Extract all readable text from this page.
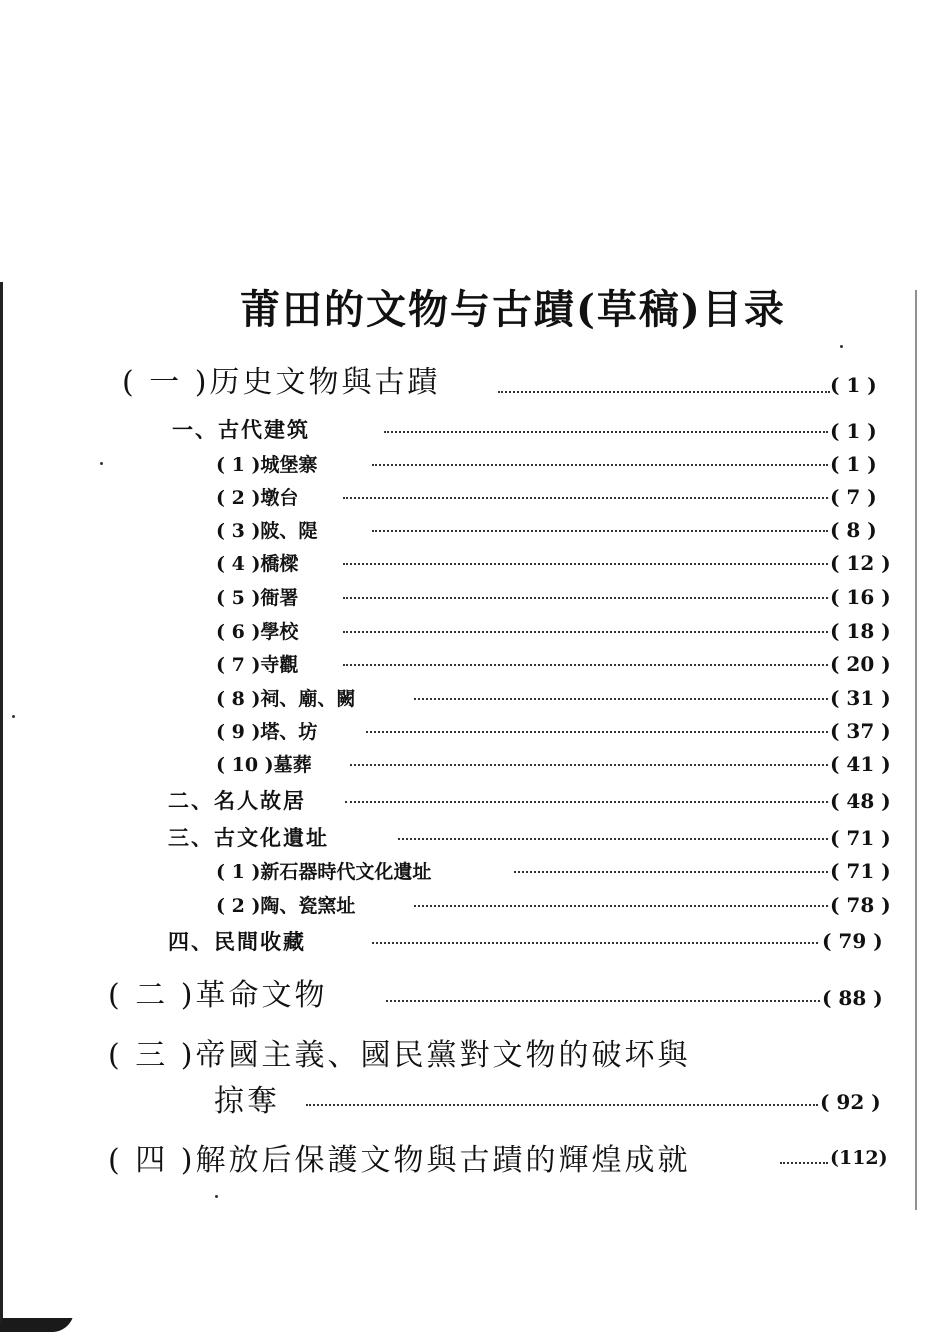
莆田的文物与古蹟(草稿)目录
( 一 )历史文物與古蹟	( 1 )
一、古代建筑	( 1 )
( 1 )城堡寨	( 1 )
( 2 )墩台	( 7 )
( 3 )陂、隄	( 8 )
( 4 )橋樑	( 12 )
( 5 )衙署	( 16 )
( 6 )學校	( 18 )
( 7 )寺觀	( 20 )
( 8 )祠、廟、闕	( 31 )
( 9 )塔、坊	( 37 )
( 10 )墓葬	( 41 )
二、名人故居	( 48 )
三、古文化遺址	( 71 )
( 1 )新石器時代文化遺址	( 71 )
( 2 )陶、瓷窯址	( 78 )
四、民間收藏	( 79 )
( 二 )革命文物	( 88 )
( 三 )帝國主義、國民黨對文物的破坏與
掠奪	( 92 )
( 四 )解放后保護文物與古蹟的輝煌成就	(112)
